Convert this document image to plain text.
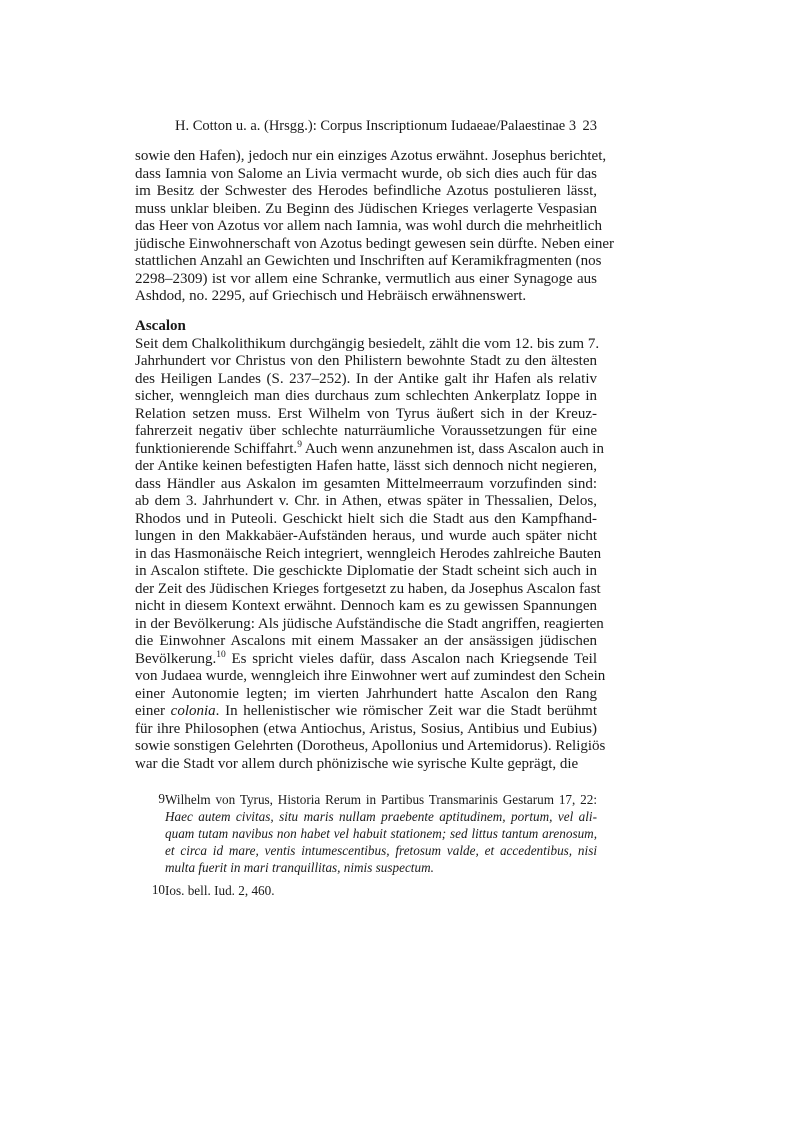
H. Cotton u. a. (Hrsgg.): Corpus Inscriptionum Iudaeae/Palaestinae 3 23
sowie den Hafen), jedoch nur ein einziges Azotus erwähnt. Josephus berichtet,
dass Iamnia von Salome an Livia vermacht wurde, ob sich dies auch für das
im Besitz der Schwester des Herodes befindliche Azotus postulieren lässt,
muss unklar bleiben. Zu Beginn des Jüdischen Krieges verlagerte Vespasian
das Heer von Azotus vor allem nach Iamnia, was wohl durch die mehrheitlich
jüdische Einwohnerschaft von Azotus bedingt gewesen sein dürfte. Neben einer
stattlichen Anzahl an Gewichten und Inschriften auf Keramikfragmenten (nos
2298–2309) ist vor allem eine Schranke, vermutlich aus einer Synagoge aus
Ashdod, no. 2295, auf Griechisch und Hebräisch erwähnenswert.
Ascalon
Seit dem Chalkolithikum durchgängig besiedelt, zählt die vom 12. bis zum 7.
Jahrhundert vor Christus von den Philistern bewohnte Stadt zu den ältesten
des Heiligen Landes (S. 237–252). In der Antike galt ihr Hafen als relativ
sicher, wenngleich man dies durchaus zum schlechten Ankerplatz Ioppe in
Relation setzen muss. Erst Wilhelm von Tyrus äußert sich in der Kreuz-
fahrerzeit negativ über schlechte naturräumliche Voraussetzungen für eine
funktionierende Schiffahrt.$^9$ Auch wenn anzunehmen ist, dass Ascalon auch in
der Antike keinen befestigten Hafen hatte, lässt sich dennoch nicht negieren,
dass Händler aus Askalon im gesamten Mittelmeerraum vorzufinden sind:
ab dem 3. Jahrhundert v. Chr. in Athen, etwas später in Thessalien, Delos,
Rhodos und in Puteoli. Geschickt hielt sich die Stadt aus den Kampfhand-
lungen in den Makkabäer-Aufständen heraus, und wurde auch später nicht
in das Hasmonäische Reich integriert, wenngleich Herodes zahlreiche Bauten
in Ascalon stiftete. Die geschickte Diplomatie der Stadt scheint sich auch in
der Zeit des Jüdischen Krieges fortgesetzt zu haben, da Josephus Ascalon fast
nicht in diesem Kontext erwähnt. Dennoch kam es zu gewissen Spannungen
in der Bevölkerung: Als jüdische Aufständische die Stadt angriffen, reagierten
die Einwohner Ascalons mit einem Massaker an der ansässigen jüdischen
Bevölkerung.$^{10}$ Es spricht vieles dafür, dass Ascalon nach Kriegsende Teil
von Judaea wurde, wenngleich ihre Einwohner wert auf zumindest den Schein
einer Autonomie legten; im vierten Jahrhundert hatte Ascalon den Rang
einer colonia. In hellenistischer wie römischer Zeit war die Stadt berühmt
für ihre Philosophen (etwa Antiochus, Aristus, Sosius, Antibius und Eubius)
sowie sonstigen Gelehrten (Dorotheus, Apollonius und Artemidorus). Religiös
war die Stadt vor allem durch phönizische wie syrische Kulte geprägt, die
9 Wilhelm von Tyrus, Historia Rerum in Partibus Transmarinis Gestarum 17, 22:
Haec autem civitas, situ maris nullam praebente aptitudinem, portum, vel ali-
quam tutam navibus non habet vel habuit stationem; sed littus tantum arenosum,
et circa id mare, ventis intumescentibus, fretosum valde, et accedentibus, nisi
multa fuerit in mari tranquillitas, nimis suspectum.
10 Ios. bell. Iud. 2, 460.
